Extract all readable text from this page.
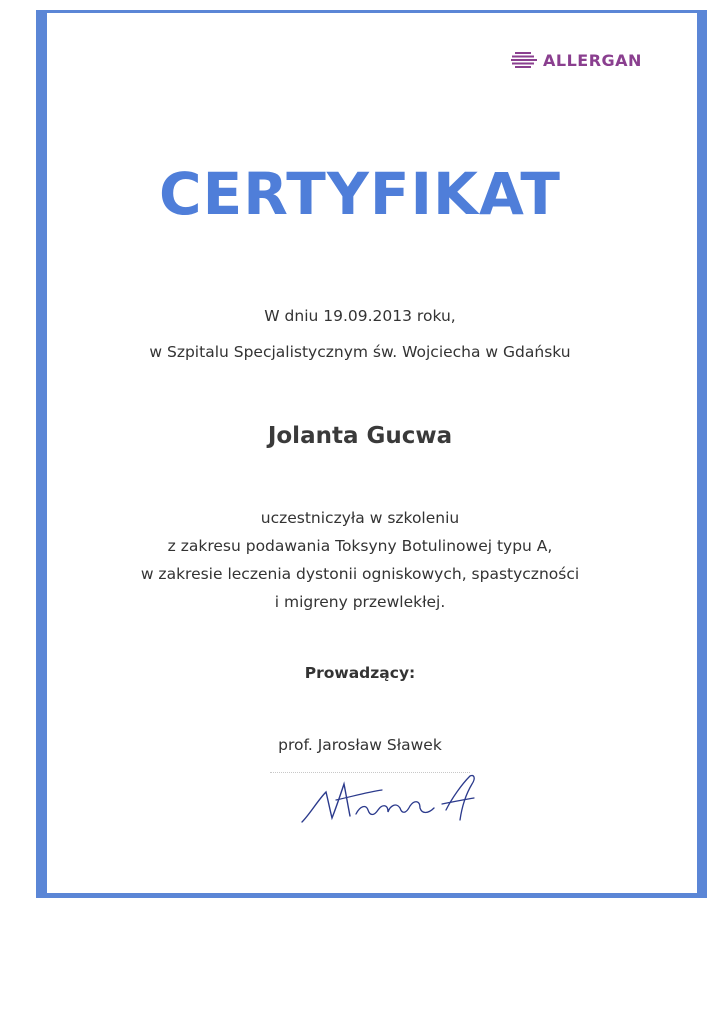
ALLERGAN
CERTYFIKAT
W dniu 19.09.2013 roku,
w Szpitalu Specjalistycznym św. Wojciecha w Gdańsku
Jolanta Gucwa
uczestniczyła w szkoleniu
z zakresu podawania Toksyny Botulinowej typu A,
w zakresie leczenia dystonii ogniskowych, spastyczności
i migreny przewlekłej.
Prowadzący:
prof. Jarosław Sławek
